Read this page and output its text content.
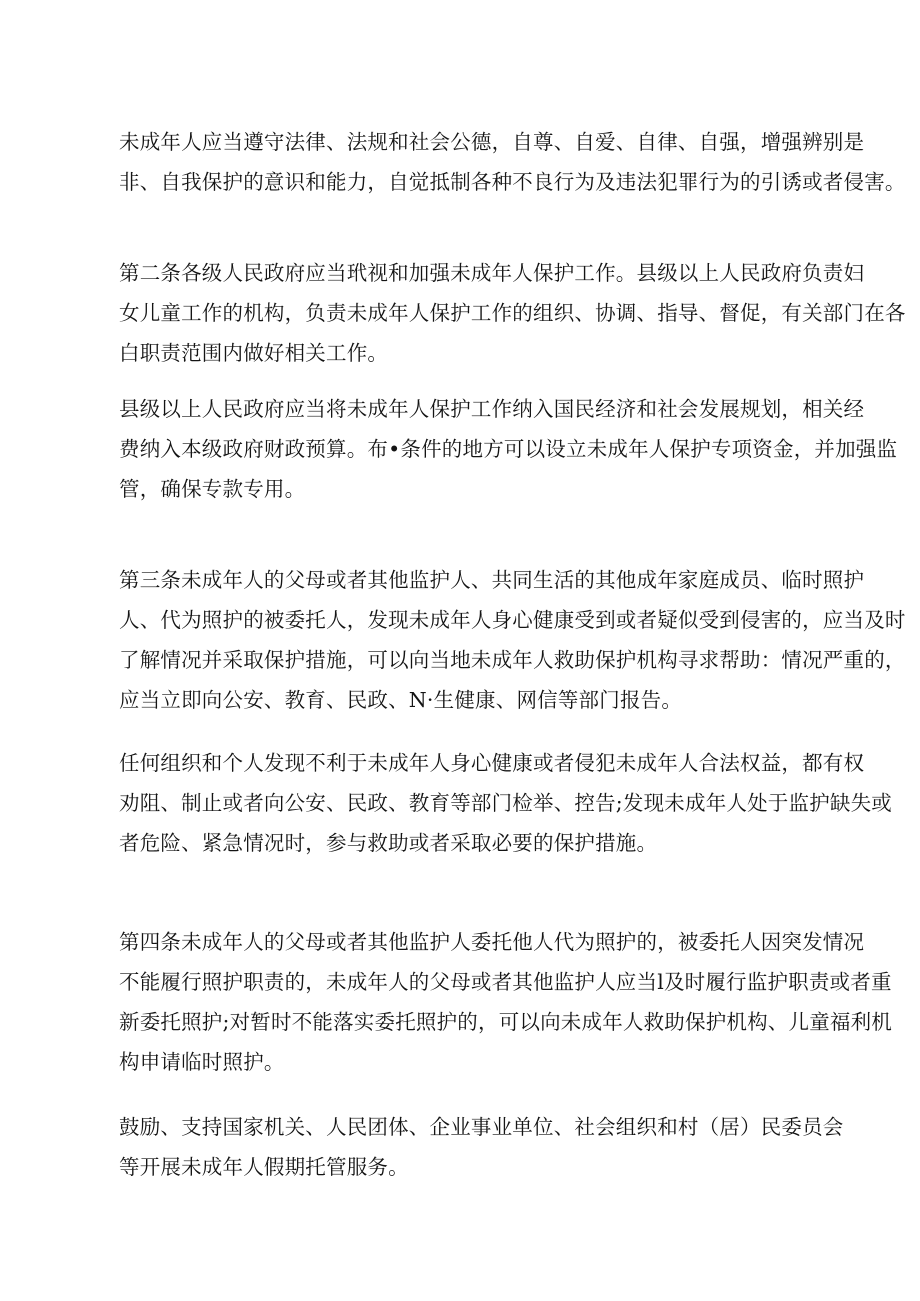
未成年人应当遵守法律、法规和社会公德，自尊、自爱、自律、自强，增强辨别是
非、自我保护的意识和能力，自觉抵制各种不良行为及违法犯罪行为的引诱或者侵害。
第二条各级人民政府应当玳视和加强未成年人保护工作。县级以上人民政府负责妇
女儿童工作的机构，负责未成年人保护工作的组织、协调、指导、督促，有关部门在各
白职责范围内做好相关工作。
县级以上人民政府应当将未成年人保护工作纳入国民经济和社会发展规划，相关经
费纳入本级政府财政预算。布•条件的地方可以设立未成年人保护专项资金，并加强监
管，确保专款专用。
第三条未成年人的父母或者其他监护人、共同生活的其他成年家庭成员、临时照护
人、代为照护的被委托人，发现未成年人身心健康受到或者疑似受到侵害的，应当及时
了解情况并采取保护措施，可以向当地未成年人救助保护机构寻求帮助：情况严重的，
应当立即向公安、教育、民政、N·生健康、网信等部门报告。
任何组织和个人发现不利于未成年人身心健康或者侵犯未成年人合法权益，都有权
劝阻、制止或者向公安、民政、教育等部门检举、控告;发现未成年人处于监护缺失或
者危险、紧急情况时，参与救助或者采取必要的保护措施。
第四条未成年人的父母或者其他监护人委托他人代为照护的，被委托人因突发情况
不能履行照护职责的，未成年人的父母或者其他监护人应当l及时履行监护职责或者重
新委托照护;对暂时不能落实委托照护的，可以向未成年人救助保护机构、儿童福利机
构申请临时照护。
鼓励、支持国家机关、人民团体、企业事业单位、社会组织和村（居）民委员会
等开展未成年人假期托管服务。
